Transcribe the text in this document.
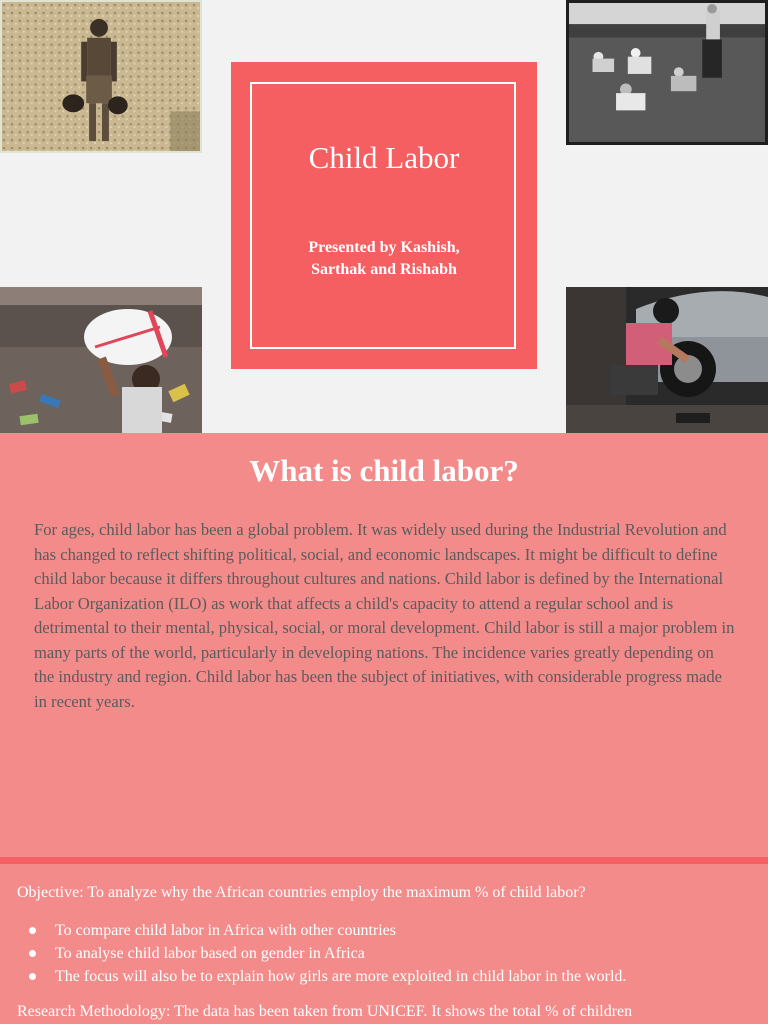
Child Labor

Presented by Kashish,
Sarthak and Rishabh

What is child labor?

For ages, child labor has been a global problem. It was widely used during the Industrial Revolution and has changed to reflect shifting political, social, and economic landscapes. It might be difficult to define child labor because it differs throughout cultures and nations. Child labor is defined by the International Labor Organization (ILO) as work that affects a child's capacity to attend a regular school and is detrimental to their mental, physical, social, or moral development. Child labor is still a major problem in many parts of the world, particularly in developing nations. The incidence varies greatly depending on the industry and region. Child labor has been the subject of initiatives, with considerable progress made in recent years.

Objective: To analyze why the African countries employ the maximum % of child labor?

To compare child labor in Africa with other countries
To analyse child labor based on gender in Africa
The focus will also be to explain how girls are more exploited in child labor in the world.

Research Methodology: The data has been taken from UNICEF. It shows the total % of children
